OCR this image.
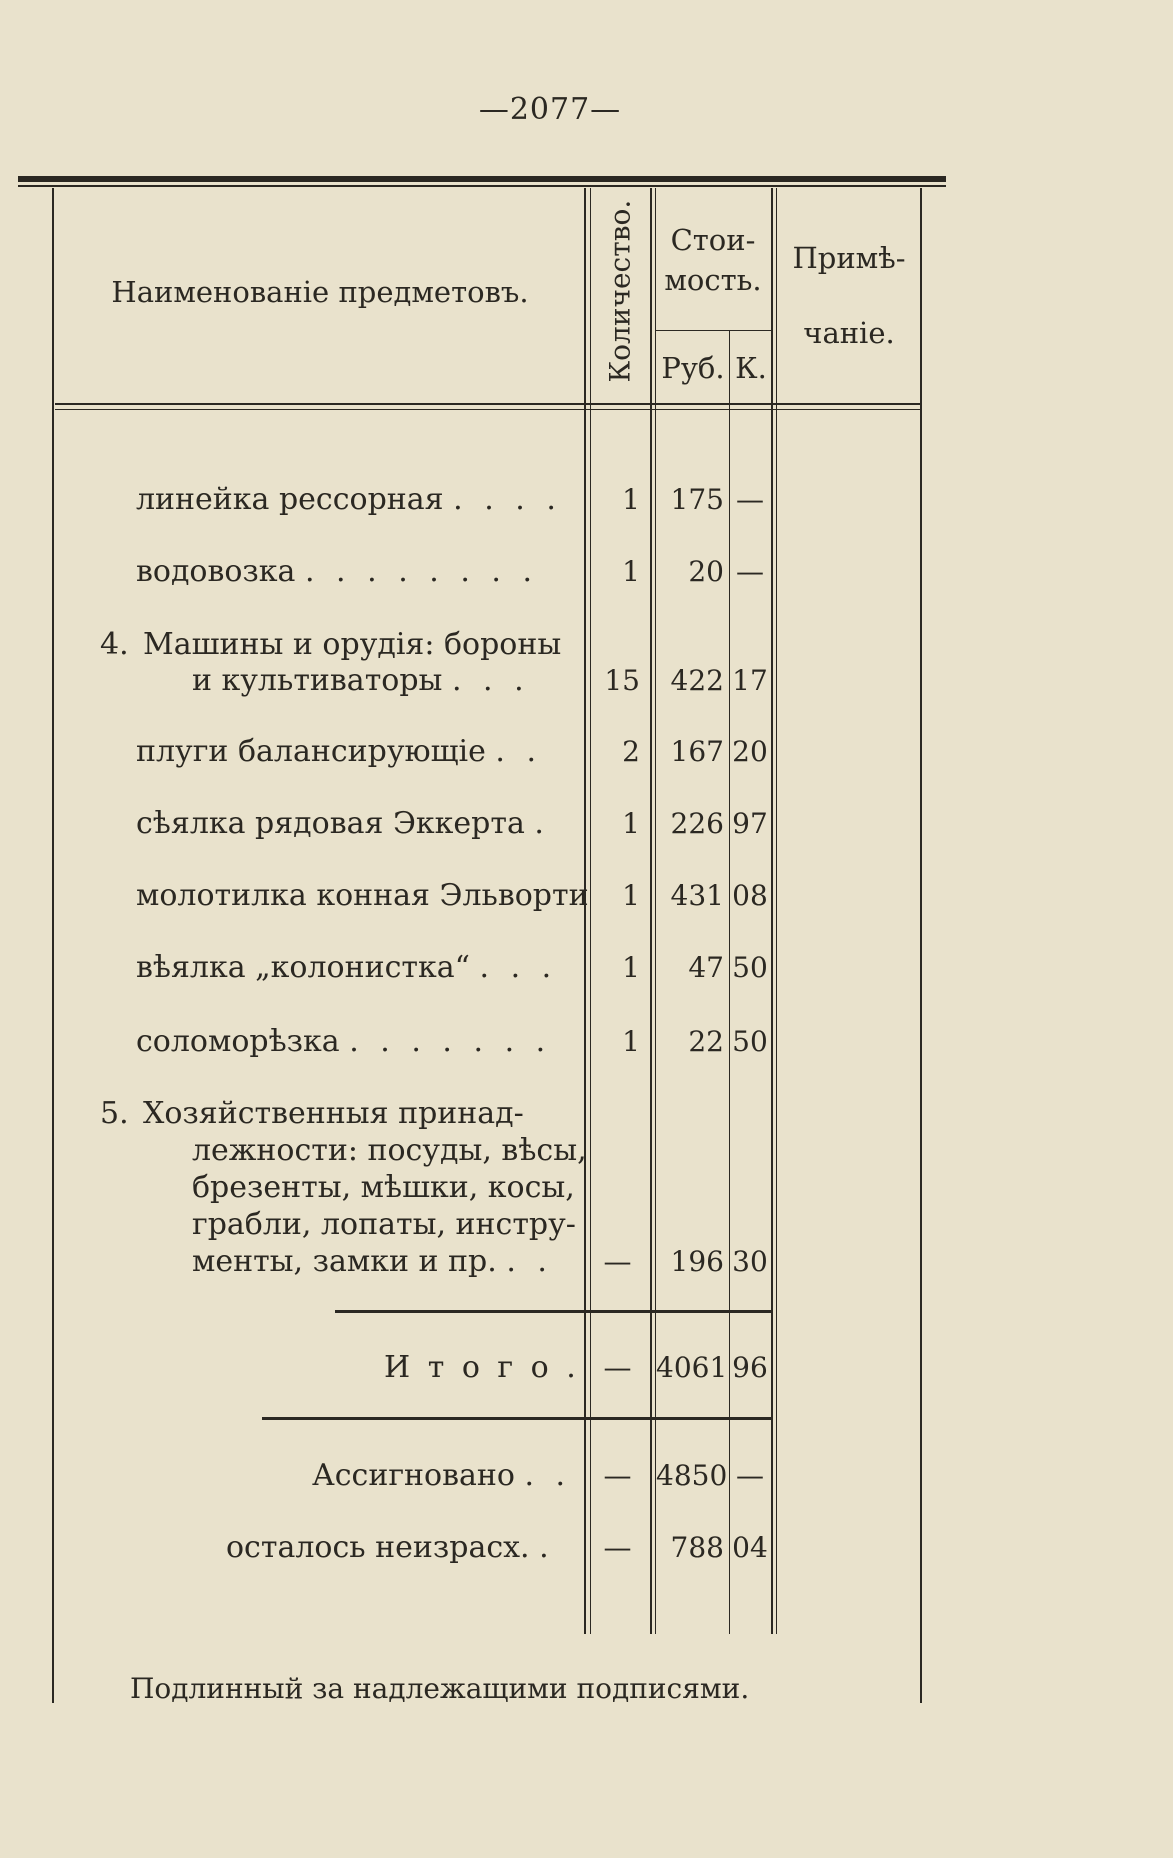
—2077—
Наименованіе предметовъ.	Количество.	Стои-
мость.
Руб. К.
Примѣ-
чаніе.
линейка рессорная . . . .	1	175 —
водовозка . . . . . . . .	1	20 —
4. Машины и орудія: бороны
и культиваторы . . .	15	422 17
плуги балансирующіе . .	2	167 20
сѣялка рядовая Эккерта .	1	226 97
молотилка конная Эльворти	1	431 08
вѣялка „колонистка“ . . .	1	47 50
соломорѣзка . . . . . . .	1	22 50
5. Хозяйственныя принад-
лежности: посуды, вѣсы,
брезенты, мѣшки, косы,
грабли, лопаты, инстру-
менты, замки и пр. . .	—	196 30
И т о г о . — 4061 96
Ассигновано . .	— 4850 —
осталось неизрасх. .	—	788 04
Подлинный за надлежащими подписями.
